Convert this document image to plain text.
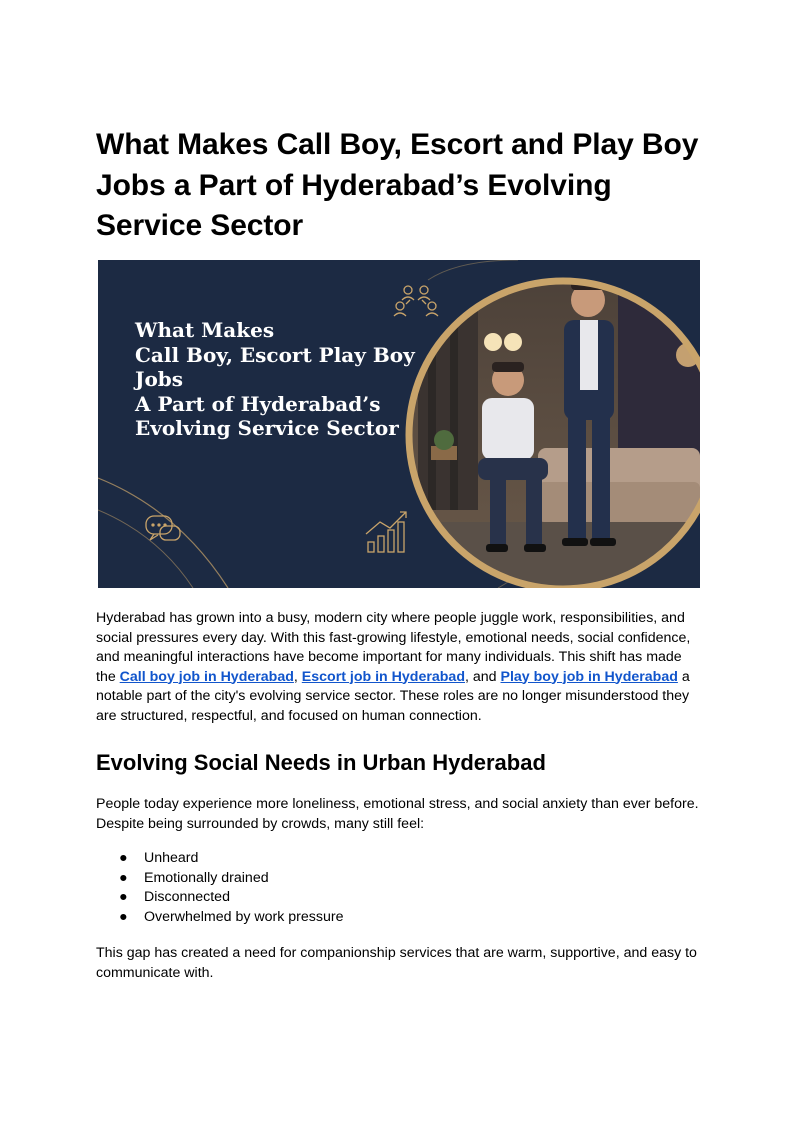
What Makes Call Boy, Escort and Play Boy Jobs a Part of Hyderabad’s Evolving Service Sector
What Makes
Call Boy, Escort Play Boy
Jobs
A Part of Hyderabad’s
Evolving Service Sector

Hyderabad has grown into a busy, modern city where people juggle work, responsibilities, and social pressures every day. With this fast-growing lifestyle, emotional needs, social confidence, and meaningful interactions have become important for many individuals. This shift has made the Call boy job in Hyderabad, Escort job in Hyderabad, and Play boy job in Hyderabad a notable part of the city's evolving service sector. These roles are no longer misunderstood they are structured, respectful, and focused on human connection.

Evolving Social Needs in Urban Hyderabad

People today experience more loneliness, emotional stress, and social anxiety than ever before. Despite being surrounded by crowds, many still feel:

● Unheard
● Emotionally drained
● Disconnected
● Overwhelmed by work pressure

This gap has created a need for companionship services that are warm, supportive, and easy to communicate with.
